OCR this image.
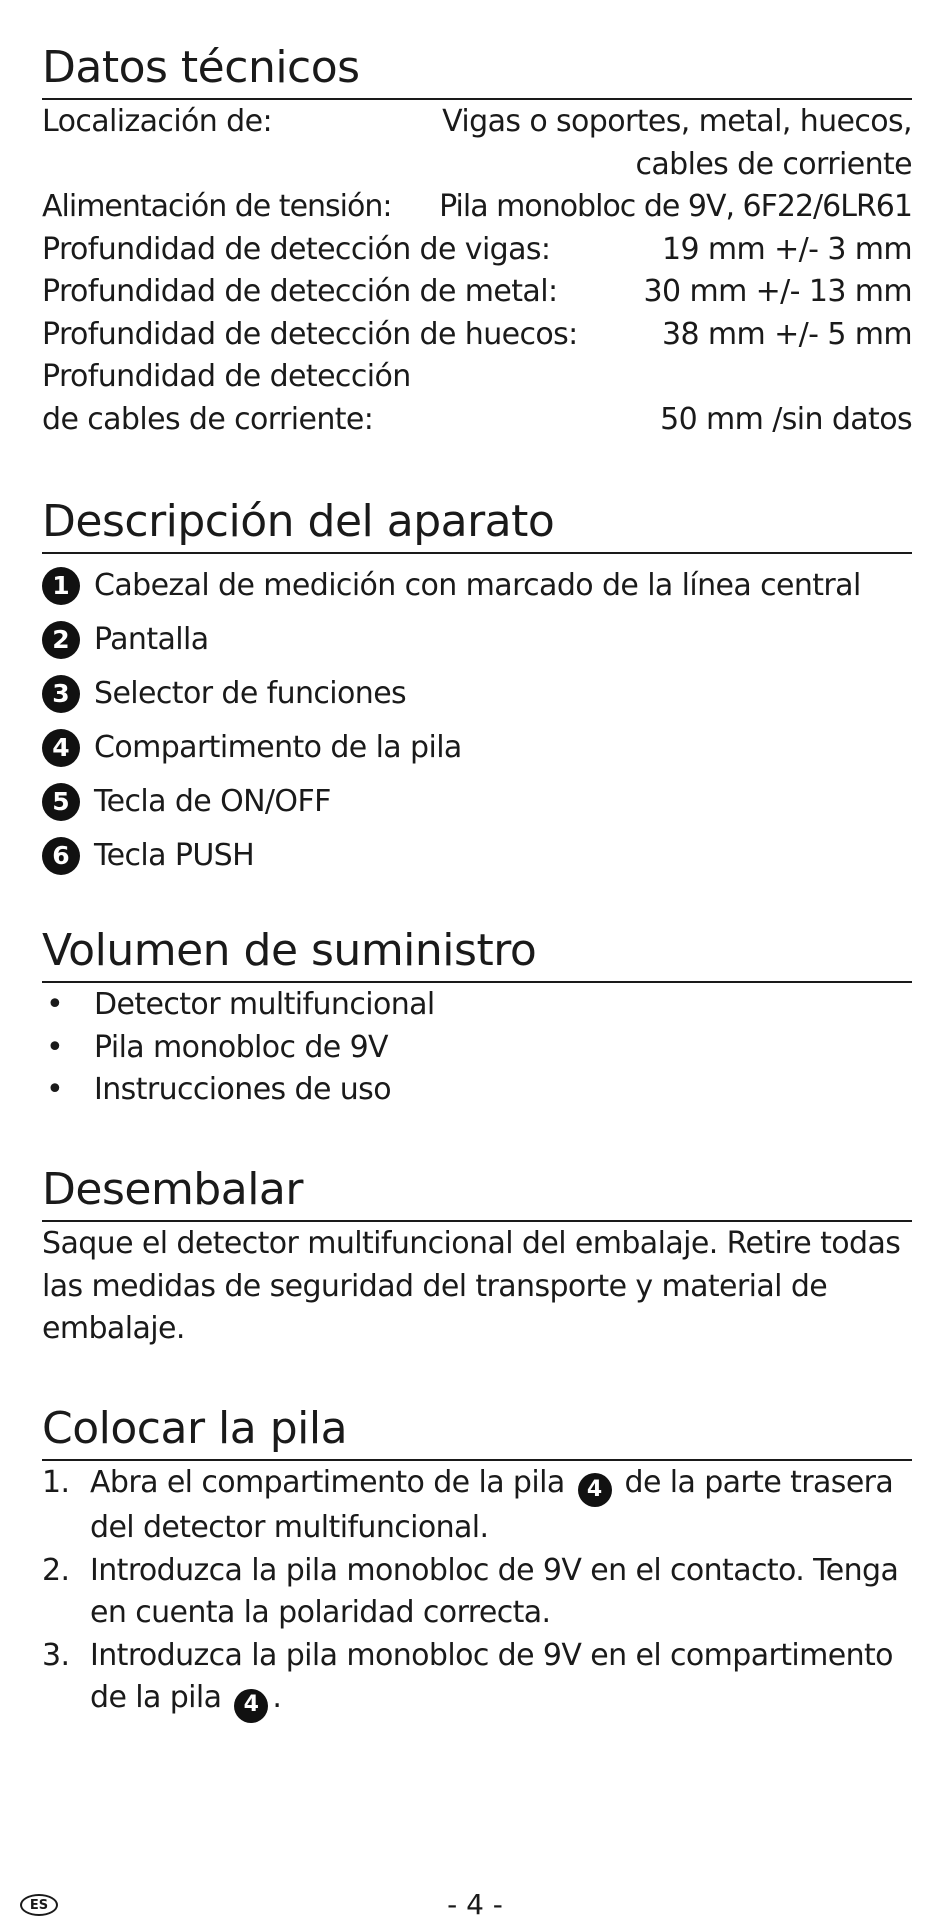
Datos técnicos
Localización de:	Vigas o soportes, metal, huecos, cables de corriente
Alimentación de tensión: Pila monobloc de 9V, 6F22/6LR61
Profundidad de detección de vigas:	19 mm +/- 3 mm
Profundidad de detección de metal:	30 mm +/- 13 mm
Profundidad de detección de huecos:	38 mm +/- 5 mm
Profundidad de detección
de cables de corriente:	50 mm /sin datos
Descripción del aparato
1 Cabezal de medición con marcado de la línea central
2 Pantalla
3 Selector de funciones
4 Compartimento de la pila
5 Tecla de ON/OFF
6 Tecla PUSH
Volumen de suministro
•	Detector multifuncional
•	Pila monobloc de 9V
•	Instrucciones de uso
Desembalar

Saque el detector multifuncional del embalaje. Retire todas las medidas de seguridad del transporte y material de embalaje.

Colocar la pila
1. Abra el compartimento de la pila 4 de la parte trasera del detector multifuncional.
2. Introduzca la pila monobloc de 9V en el contacto. Tenga en cuenta la polaridad correcta.
3. Introduzca la pila monobloc de 9V en el compartimento de la pila 4 .
ES	- 4 -
